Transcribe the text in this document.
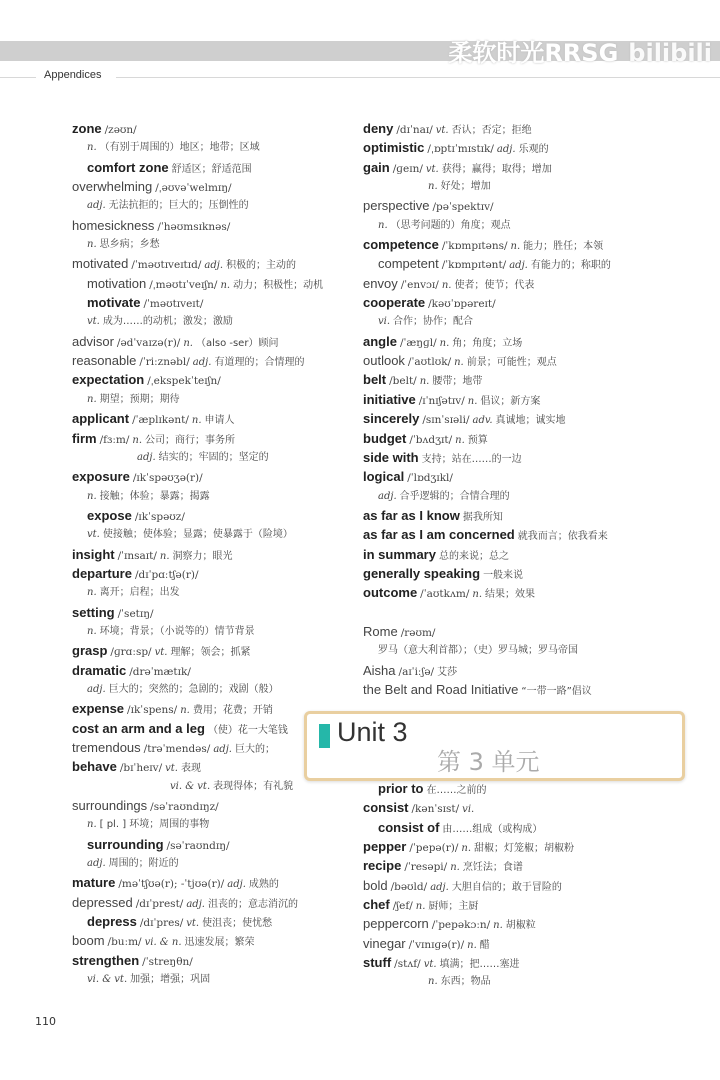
柔软时光RRSG bilibili
Appendices
zone /zəʊn/
n. （有别于周围的）地区；地带；区域
comfort zone 舒适区；舒适范围
overwhelming /ˌəʊvəˈwelmɪŋ/
adj. 无法抗拒的；巨大的；压倒性的
homesickness /ˈhəʊmsɪknəs/
n. 思乡病；乡愁
motivated /ˈməʊtɪveɪtɪd/ adj. 积极的；主动的
motivation /ˌməʊtɪˈveɪʃn/ n. 动力；积极性；动机
motivate /ˈməʊtɪveɪt/
vt. 成为……的动机；激发；激励
advisor /ədˈvaɪzə(r)/ n. （also -ser）顾问
reasonable /ˈriːznəbl/ adj. 有道理的；合情理的
expectation /ˌekspekˈteɪʃn/
n. 期望；预期；期待
applicant /ˈæplɪkənt/ n. 申请人
firm /fɜːm/ n. 公司；商行；事务所
adj. 结实的；牢固的；坚定的
exposure /ɪkˈspəʊʒə(r)/
n. 接触；体验；暴露；揭露
expose /ɪkˈspəʊz/
vt. 使接触；使体验；显露；使暴露于（险境）
insight /ˈɪnsaɪt/ n. 洞察力；眼光
departure /dɪˈpɑːtʃə(r)/
n. 离开；启程；出发
setting /ˈsetɪŋ/
n. 环境；背景；（小说等的）情节背景
grasp /ɡrɑːsp/ vt. 理解；领会；抓紧
dramatic /drəˈmætɪk/
adj. 巨大的；突然的；急剧的；戏剧（般）
expense /ɪkˈspens/ n. 费用；花费；开销
cost an arm and a leg （使）花一大笔钱
tremendous /trəˈmendəs/ adj. 巨大的；
behave /bɪˈheɪv/ vt. 表现
vi. & vt. 表现得体；有礼貌
surroundings /səˈraʊndɪŋz/
n. [ pl. ] 环境；周围的事物
surrounding /səˈraʊndɪŋ/
adj. 周围的；附近的
mature /məˈtʃʊə(r); -ˈtjʊə(r)/ adj. 成熟的
depressed /dɪˈprest/ adj. 沮丧的；意志消沉的
depress /dɪˈpres/ vt. 使沮丧；使忧愁
boom /buːm/ vi. & n. 迅速发展；繁荣
strengthen /ˈstreŋθn/
vi. & vt. 加强；增强；巩固
deny /dɪˈnaɪ/ vt. 否认；否定；拒绝
optimistic /ˌɒptɪˈmɪstɪk/ adj. 乐观的
gain /ɡeɪn/ vt. 获得；赢得；取得；增加
n. 好处；增加
perspective /pəˈspektɪv/
n. （思考问题的）角度；观点
competence /ˈkɒmpɪtəns/ n. 能力；胜任；本领
competent /ˈkɒmpɪtənt/ adj. 有能力的；称职的
envoy /ˈenvɔɪ/ n. 使者；使节；代表
cooperate /kəʊˈɒpəreɪt/
vi. 合作；协作；配合
angle /ˈæŋɡl/ n. 角；角度；立场
outlook /ˈaʊtlʊk/ n. 前景；可能性；观点
belt /belt/ n. 腰带；地带
initiative /ɪˈnɪʃətɪv/ n. 倡议；新方案
sincerely /sɪnˈsɪəli/ adv. 真诚地；诚实地
budget /ˈbʌdʒɪt/ n. 预算
side with 支持；站在……的一边
logical /ˈlɒdʒɪkl/
adj. 合乎逻辑的；合情合理的
as far as I know 据我所知
as far as I am concerned 就我而言；依我看来
in summary 总的来说；总之
generally speaking 一般来说
outcome /ˈaʊtkʌm/ n. 结果；效果
Rome /rəʊm/
罗马（意大利首都）；（史）罗马城；罗马帝国
Aisha /aɪˈiːʃə/ 艾莎
the Belt and Road Initiative “一带一路”倡议
prior to 在……之前的
consist /kənˈsɪst/ vi.
consist of 由……组成（或构成）
pepper /ˈpepə(r)/ n. 甜椒；灯笼椒；胡椒粉
recipe /ˈresəpi/ n. 烹饪法；食谱
bold /bəʊld/ adj. 大胆自信的；敢于冒险的
chef /ʃef/ n. 厨师；主厨
peppercorn /ˈpepəkɔːn/ n. 胡椒粒
vinegar /ˈvɪnɪɡə(r)/ n. 醋
stuff /stʌf/ vt. 填满；把……塞进
n. 东西；物品
Unit 3
第 3 单元
110
